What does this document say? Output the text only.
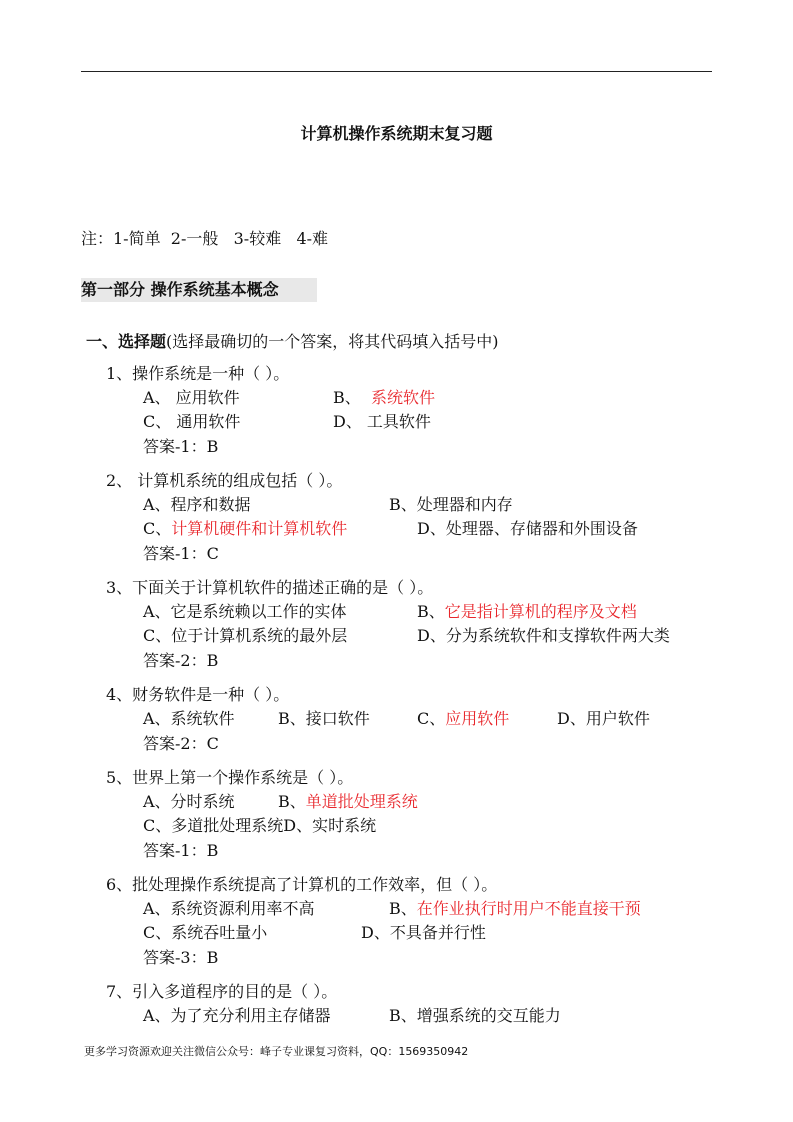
计算机操作系统期末复习题
注：1-简单  2-一般   3-较难   4-难
第一部分 操作系统基本概念
一、选择题(选择最确切的一个答案，将其代码填入括号中)
1、操作系统是一种（ ）。
A、 应用软件	B、 系统软件
C、 通用软件	D、 工具软件
答案-1：B
2、 计算机系统的组成包括（ ）。
A、程序和数据	B、处理器和内存
C、计算机硬件和计算机软件	D、处理器、存储器和外围设备
答案-1：C
3、下面关于计算机软件的描述正确的是（ ）。
A、它是系统赖以工作的实体	B、它是指计算机的程序及文档
C、位于计算机系统的最外层	D、分为系统软件和支撑软件两大类
答案-2：B
4、财务软件是一种（ ）。
A、系统软件	B、接口软件	C、应用软件	D、用户软件
答案-2：C
5、世界上第一个操作系统是（ ）。
A、分时系统	B、单道批处理系统
C、多道批处理系统D、实时系统
答案-1：B
6、批处理操作系统提高了计算机的工作效率，但（ ）。
A、系统资源利用率不高	B、在作业执行时用户不能直接干预
C、系统吞吐量小	D、不具备并行性
答案-3：B
7、引入多道程序的目的是（ ）。
A、为了充分利用主存储器	B、增强系统的交互能力
更多学习资源欢迎关注微信公众号：峰子专业课复习资料，QQ：1569350942
